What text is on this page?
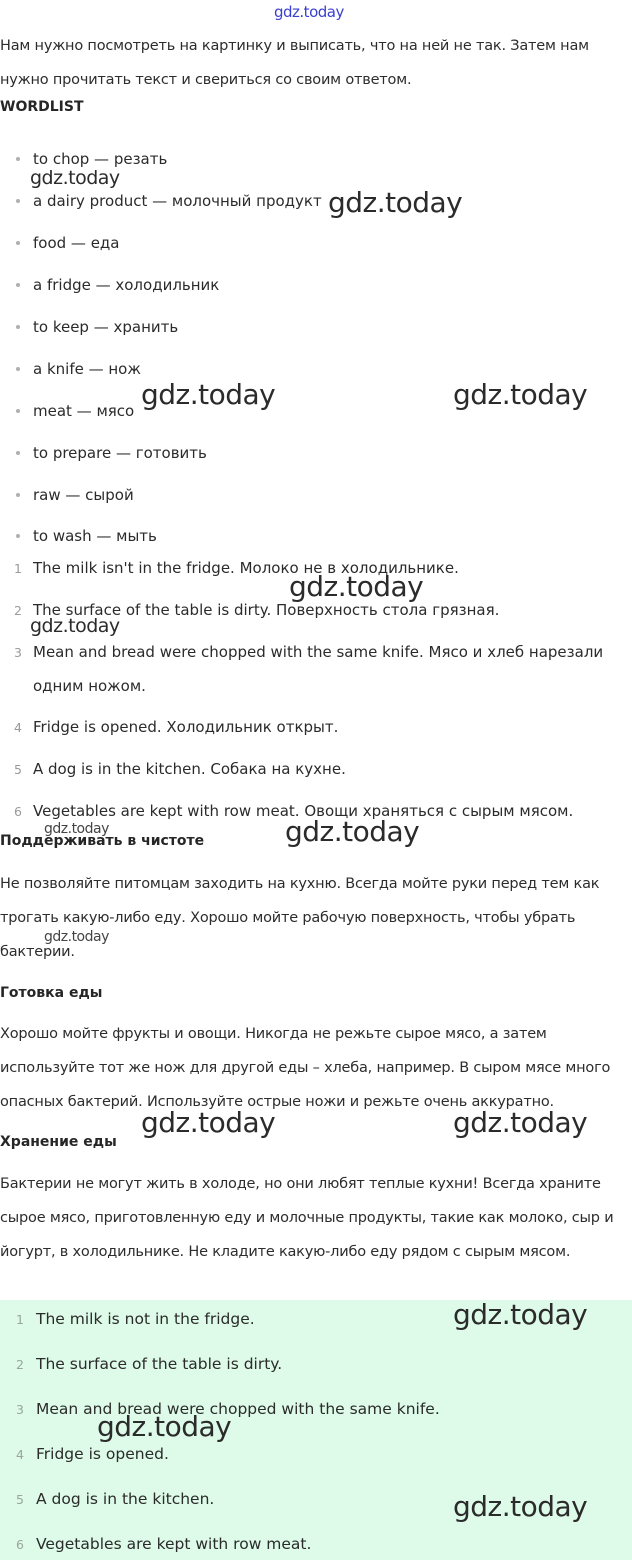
gdz.today
Нам нужно посмотреть на картинку и выписать, что на ней не так. Затем нам нужно прочитать текст и свериться со своим ответом.
WORDLIST
to chop — резать
a dairy product — молочный продукт
food — еда
a fridge — холодильник
to keep — хранить
a knife — нож
meat — мясо
to prepare — готовить
raw — сырой
to wash — мыть
1 The milk isn't in the fridge. Молоко не в холодильнике.
2 The surface of the table is dirty. Поверхность стола грязная.
3 Mean and bread were chopped with the same knife. Мясо и хлеб нарезали одним ножом.
4 Fridge is opened. Холодильник открыт.
5 A dog is in the kitchen. Собака на кухне.
6 Vegetables are kept with row meat. Овощи храняться с сырым мясом.
Поддерживать в чистоте
Не позволяйте питомцам заходить на кухню. Всегда мойте руки перед тем как трогать какую-либо еду. Хорошо мойте рабочую поверхность, чтобы убрать бактерии.
Готовка еды
Хорошо мойте фрукты и овощи. Никогда не режьте сырое мясо, а затем используйте тот же нож для другой еды – хлеба, например. В сыром мясе много опасных бактерий. Используйте острые ножи и режьте очень аккуратно.
Хранение еды
Бактерии не могут жить в холоде, но они любят теплые кухни! Всегда храните сырое мясо, приготовленную еду и молочные продукты, такие как молоко, сыр и йогурт, в холодильнике. Не кладите какую-либо еду рядом с сырым мясом.
1 The milk is not in the fridge.
2 The surface of the table is dirty.
3 Mean and bread were chopped with the same knife.
4 Fridge is opened.
5 A dog is in the kitchen.
6 Vegetables are kept with row meat.
gdz.today
gdz.today
gdz.today	gdz.today
gdz.today
gdz.today
gdz.today
gdz.today
gdz.today
gdz.today	gdz.today
gdz.today
gdz.today
gdz.today
